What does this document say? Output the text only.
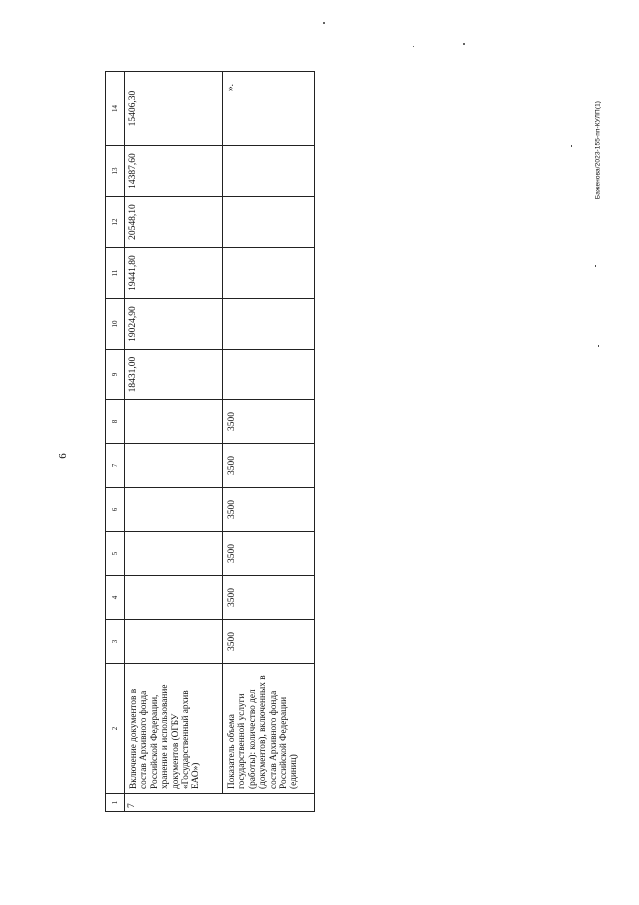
6
Баженова/2023-155-пп-КУЛП(1)
1	2	3	4	5	6	7	8	9	10	11	12	13	14
7	Включение документов в состав Архивного фонда Российской Федерации, хранение и использование документов (ОГБУ «Государственный архив ЕАО»)							18431,00	19024,90	19441,80	20548,10	14387,60	15406,30
	Показатель объема государственной услуги (работы): количество дел (документов), включенных в состав Архивного фонда Российской Федерации (единиц)	3500	3500	3500	3500	3500	3500						».
